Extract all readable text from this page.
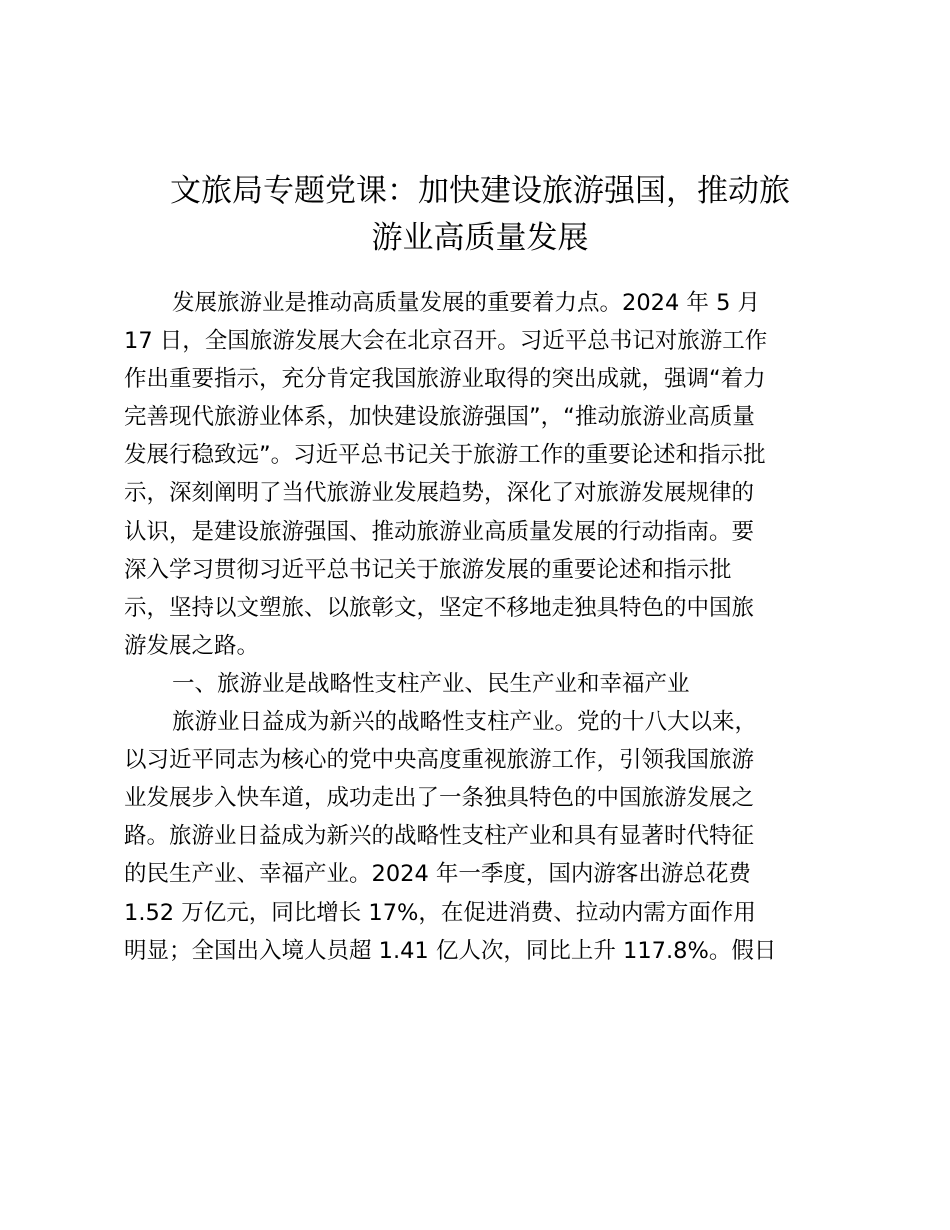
文旅局专题党课：加快建设旅游强国，推动旅
游业高质量发展
发展旅游业是推动高质量发展的重要着力点。2024 年 5 月
17 日，全国旅游发展大会在北京召开。习近平总书记对旅游工作
作出重要指示，充分肯定我国旅游业取得的突出成就，强调“着力
完善现代旅游业体系，加快建设旅游强国”，“推动旅游业高质量
发展行稳致远”。习近平总书记关于旅游工作的重要论述和指示批
示，深刻阐明了当代旅游业发展趋势，深化了对旅游发展规律的
认识，是建设旅游强国、推动旅游业高质量发展的行动指南。要
深入学习贯彻习近平总书记关于旅游发展的重要论述和指示批
示，坚持以文塑旅、以旅彰文，坚定不移地走独具特色的中国旅
游发展之路。
一、旅游业是战略性支柱产业、民生产业和幸福产业
旅游业日益成为新兴的战略性支柱产业。党的十八大以来，
以习近平同志为核心的党中央高度重视旅游工作，引领我国旅游
业发展步入快车道，成功走出了一条独具特色的中国旅游发展之
路。旅游业日益成为新兴的战略性支柱产业和具有显著时代特征
的民生产业、幸福产业。2024 年一季度，国内游客出游总花费
1.52 万亿元，同比增长 17%，在促进消费、拉动内需方面作用
明显；全国出入境人员超 1.41 亿人次，同比上升 117.8%。假日
